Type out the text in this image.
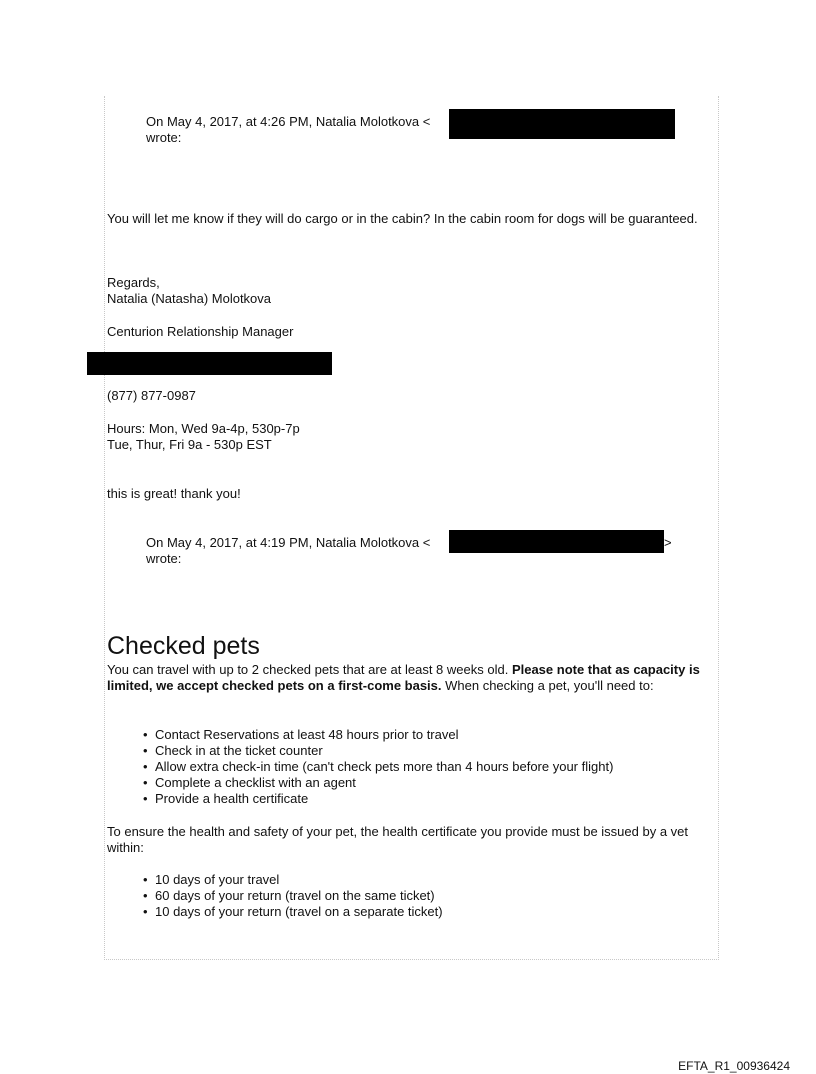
On May 4, 2017, at 4:26 PM, Natalia Molotkova <

wrote:

You will let me know if they will do cargo or in the cabin? In the cabin room for dogs will be guaranteed.

Regards,

Natalia (Natasha) Molotkova

Centurion Relationship Manager

(877) 877-0987

Hours: Mon, Wed 9a-4p, 530p-7p

Tue, Thur, Fri 9a - 530p EST

this is great! thank you!

On May 4, 2017, at 4:19 PM, Natalia Molotkova <	>

wrote:

Checked pets

You can travel with up to 2 checked pets that are at least 8 weeks old. Please note that as capacity is limited, we accept checked pets on a first-come basis. When checking a pet, you'll need to:

• Contact Reservations at least 48 hours prior to travel
• Check in at the ticket counter
• Allow extra check-in time (can't check pets more than 4 hours before your flight)
• Complete a checklist with an agent
• Provide a health certificate

To ensure the health and safety of your pet, the health certificate you provide must be issued by a vet within:

• 10 days of your travel
• 60 days of your return (travel on the same ticket)
• 10 days of your return (travel on a separate ticket)

EFTA_R1_00936424
